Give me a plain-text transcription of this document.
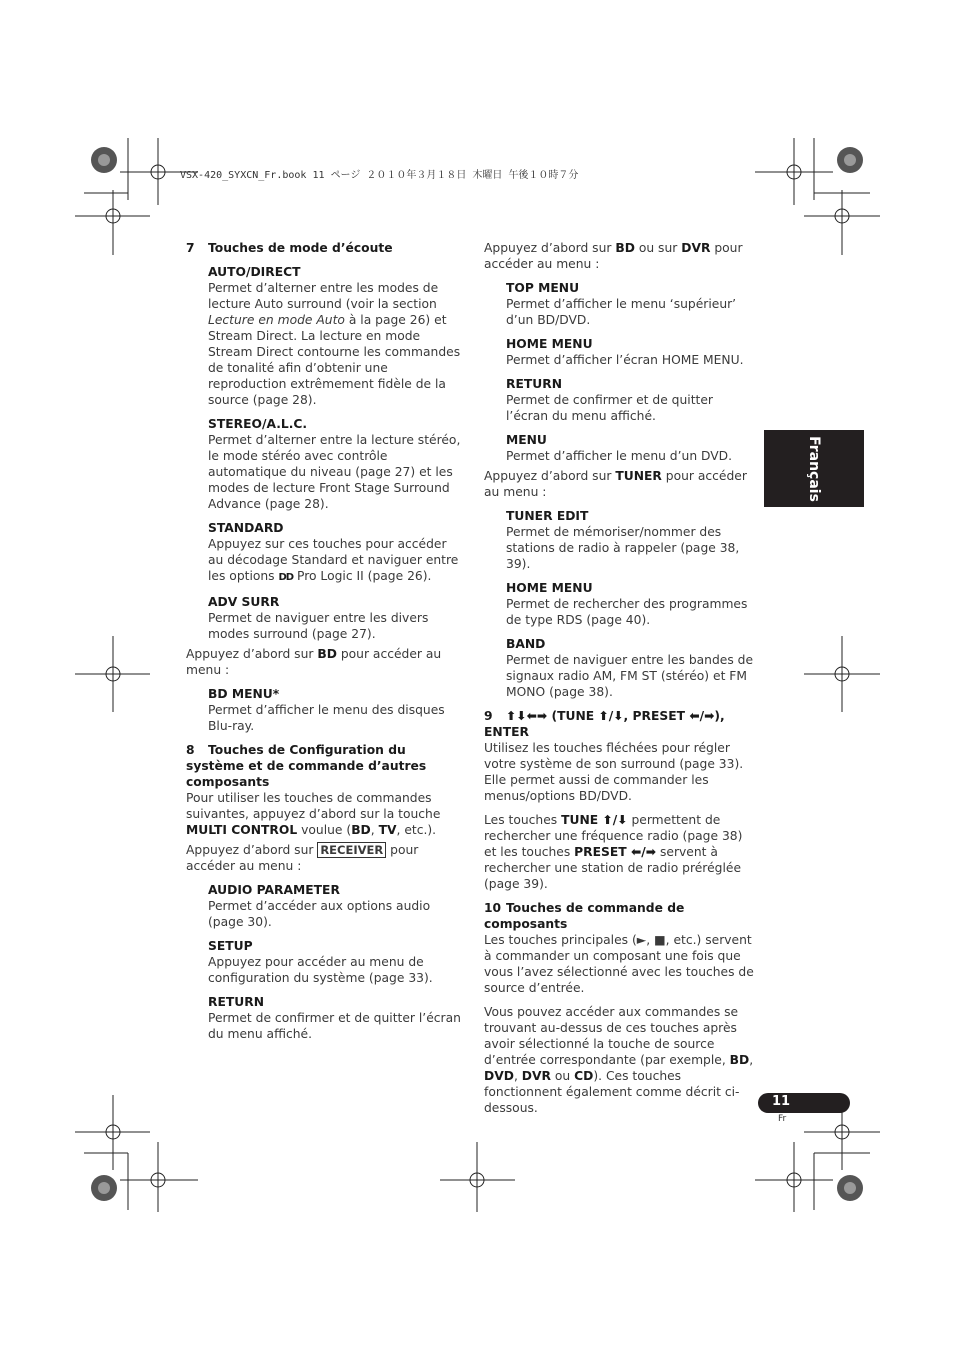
VSX-420_SYXCN_Fr.book 11 ページ ２０１０年３月１８日 木曜日 午後１０時７分
7 Touches de mode d’écoute
AUTO/DIRECT
Permet d’alterner entre les modes de lecture Auto surround (voir la section Lecture en mode Auto à la page 26) et Stream Direct. La lecture en mode Stream Direct contourne les commandes de tonalité afin d’obtenir une reproduction extrêmement fidèle de la source (page 28).
STEREO/A.L.C.
Permet d’alterner entre la lecture stéréo, le mode stéréo avec contrôle automatique du niveau (page 27) et les modes de lecture Front Stage Surround Advance (page 28).
STANDARD
Appuyez sur ces touches pour accéder au décodage Standard et naviguer entre les options DD Pro Logic II (page 26).
ADV SURR
Permet de naviguer entre les divers modes surround (page 27).

Appuyez d’abord sur BD pour accéder au menu :

BD MENU*
Permet d’afficher le menu des disques Blu-ray.
8 Touches de Configuration du système et de commande d’autres composants

Pour utiliser les touches de commandes suivantes, appuyez d’abord sur la touche MULTI CONTROL voulue (BD, TV, etc.).

Appuyez d’abord sur RECEIVER pour accéder au menu :

AUDIO PARAMETER
Permet d’accéder aux options audio (page 30).
SETUP
Appuyez pour accéder au menu de configuration du système (page 33).
RETURN
Permet de confirmer et de quitter l’écran du menu affiché.

Appuyez d’abord sur BD ou sur DVR pour accéder au menu :

TOP MENU
Permet d’afficher le menu ‘supérieur’ d’un BD/DVD.
HOME MENU
Permet d’afficher l’écran HOME MENU.
RETURN
Permet de confirmer et de quitter l’écran du menu affiché.
MENU
Permet d’afficher le menu d’un DVD.

Appuyez d’abord sur TUNER pour accéder au menu :

TUNER EDIT
Permet de mémoriser/nommer des stations de radio à rappeler (page 38, 39).
HOME MENU
Permet de rechercher des programmes de type RDS (page 40).
BAND
Permet de naviguer entre les bandes de signaux radio AM, FM ST (stéréo) et FM MONO (page 38).
9 ⬆⬇⬅➡ (TUNE ⬆/⬇, PRESET ⬅/➡), ENTER

Utilisez les touches fléchées pour régler votre système de son surround (page 33). Elle permet aussi de commander les menus/options BD/DVD.

Les touches TUNE ⬆/⬇ permettent de rechercher une fréquence radio (page 38) et les touches PRESET ⬅/➡ servent à rechercher une station de radio préréglée (page 39).

10 Touches de commande de composants

Les touches principales (►, ■, etc.) servent à commander un composant une fois que vous l’avez sélectionné avec les touches de source d’entrée.

Vous pouvez accéder aux commandes se trouvant au-dessus de ces touches après avoir sélectionné la touche de source d’entrée correspondante (par exemple, BD, DVD, DVR ou CD). Ces touches fonctionnent également comme décrit ci-dessous.

Français
11
Fr
